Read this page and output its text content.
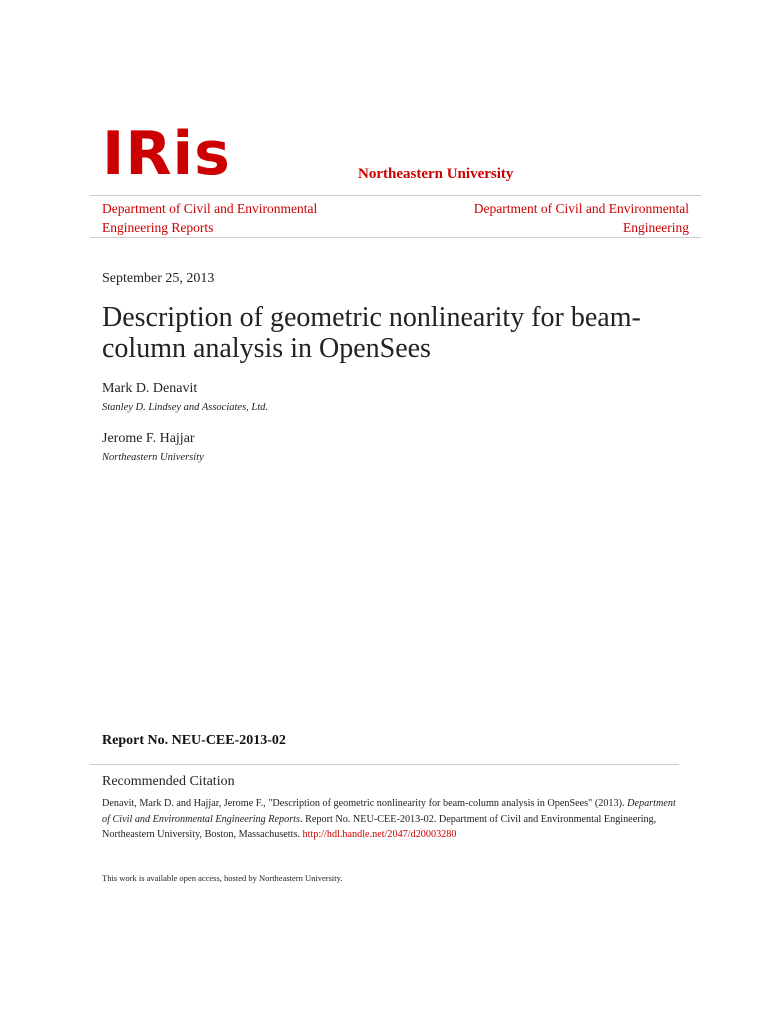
IRis	Northeastern University
Department of Civil and Environmental
Engineering Reports
Department of Civil and Environmental
Engineering
September 25, 2013
Description of geometric nonlinearity for beam-
column analysis in OpenSees
Mark D. Denavit
Stanley D. Lindsey and Associates, Ltd.
Jerome F. Hajjar
Northeastern University
Report No. NEU-CEE-2013-02
Recommended Citation
Denavit, Mark D. and Hajjar, Jerome F., "Description of geometric nonlinearity for beam-column analysis in OpenSees" (2013). Department of Civil and Environmental Engineering Reports. Report No. NEU-CEE-2013-02. Department of Civil and Environmental Engineering, Northeastern University, Boston, Massachusetts. http://hdl.handle.net/2047/d20003280
This work is available open access, hosted by Northeastern University.
